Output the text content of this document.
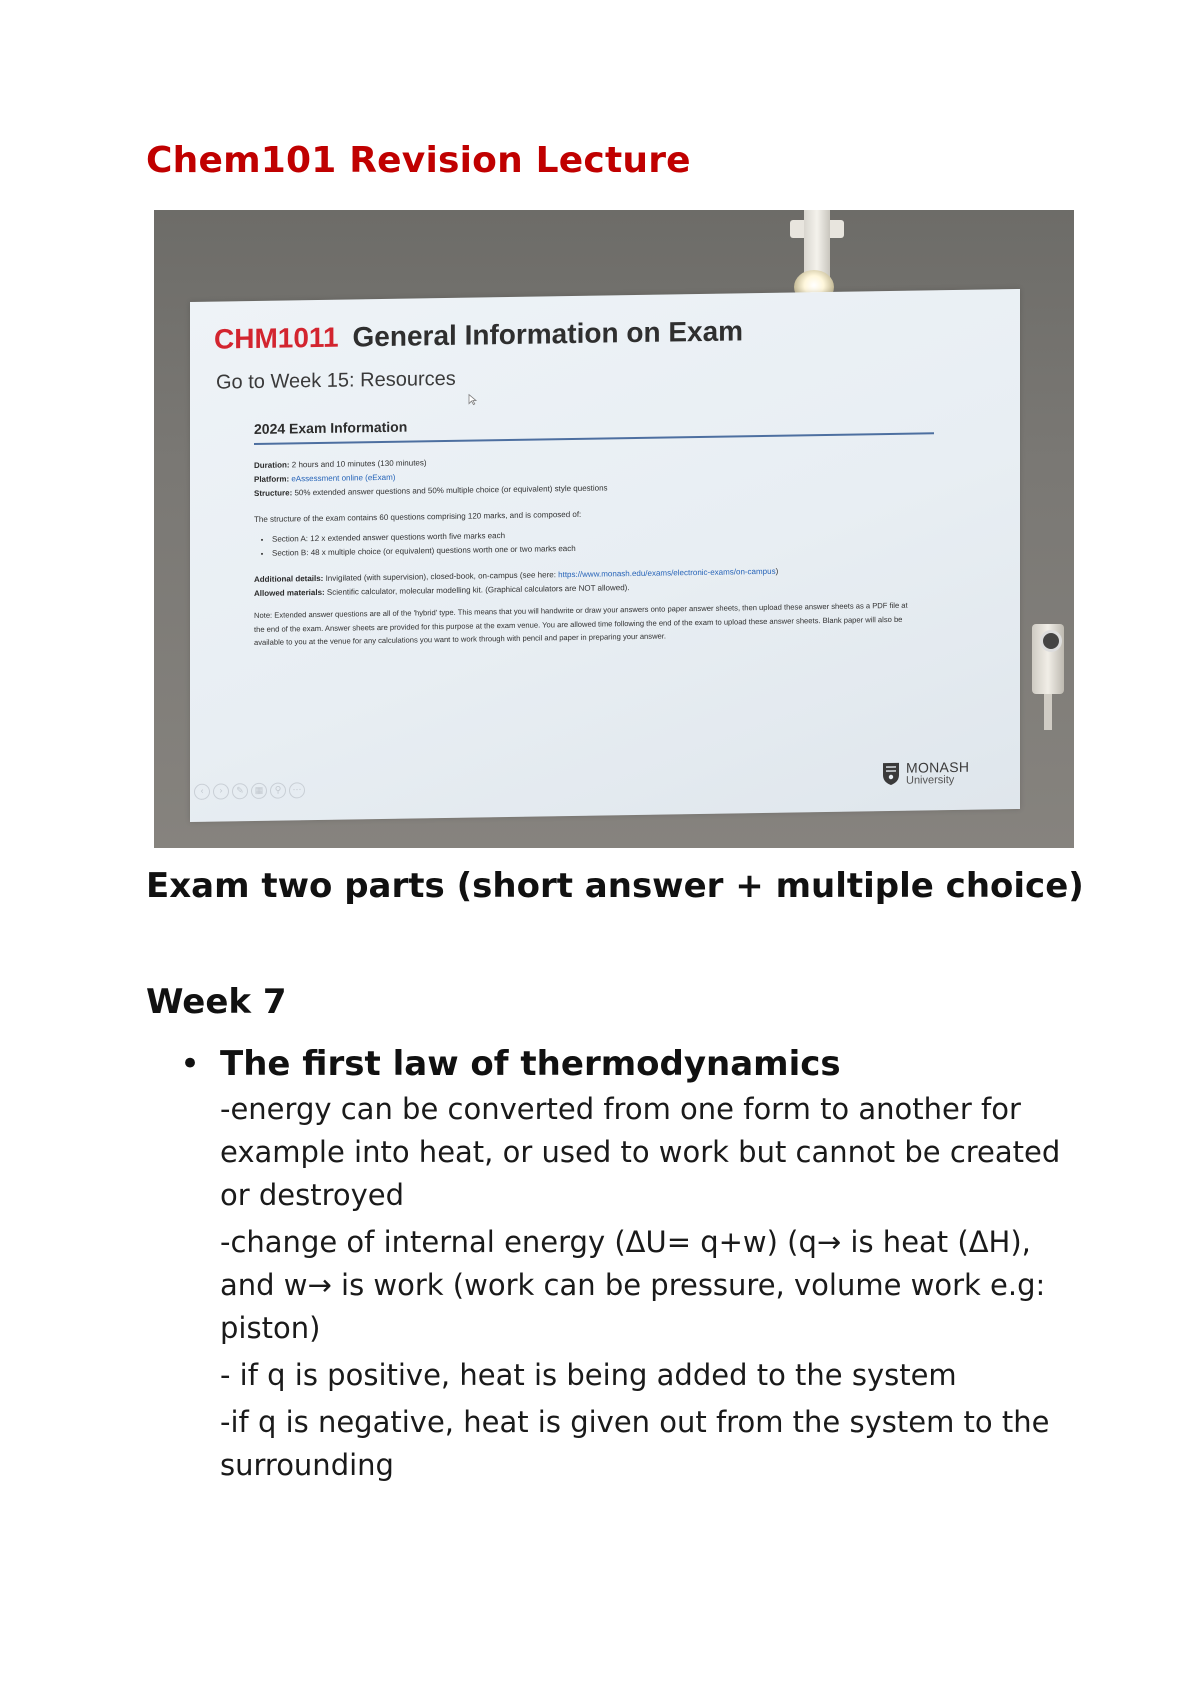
Chem101 Revision Lecture
CHM1011 General Information on Exam

Go to Week 15: Resources

2024 Exam Information

Duration: 2 hours and 10 minutes (130 minutes)

Platform: eAssessment online (eExam)

Structure: 50% extended answer questions and 50% multiple choice (or equivalent) style questions

The structure of the exam contains 60 questions comprising 120 marks, and is composed of:

• Section A: 12 x extended answer questions worth five marks each
• Section B: 48 x multiple choice (or equivalent) questions worth one or two marks each

Additional details: Invigilated (with supervision), closed-book, on-campus (see here: https://www.monash.edu/exams/electronic-exams/on-campus)

Allowed materials: Scientific calculator, molecular modelling kit. (Graphical calculators are NOT allowed).

Note: Extended answer questions are all of the 'hybrid' type. This means that you will handwrite or draw your answers onto paper answer sheets, then upload these answer sheets as a PDF file at the end of the exam. Answer sheets are provided for this purpose at the exam venue. You are allowed time following the end of the exam to upload these answer sheets. Blank paper will also be available to you at the venue for any calculations you want to work through with pencil and paper in preparing your answer.

‹	›	✎	▦	⚲	⋯
MONASH
University
Exam two parts (short answer + multiple choice)
Week 7
• The first law of thermodynamics

-energy can be converted from one form to another for example into heat, or used to work but cannot be created or destroyed

-change of internal energy (ΔU= q+w) (q→ is heat (ΔH), and w→ is work (work can be pressure, volume work e.g: piston)

- if q is positive, heat is being added to the system

-if q is negative, heat is given out from the system to the surrounding
